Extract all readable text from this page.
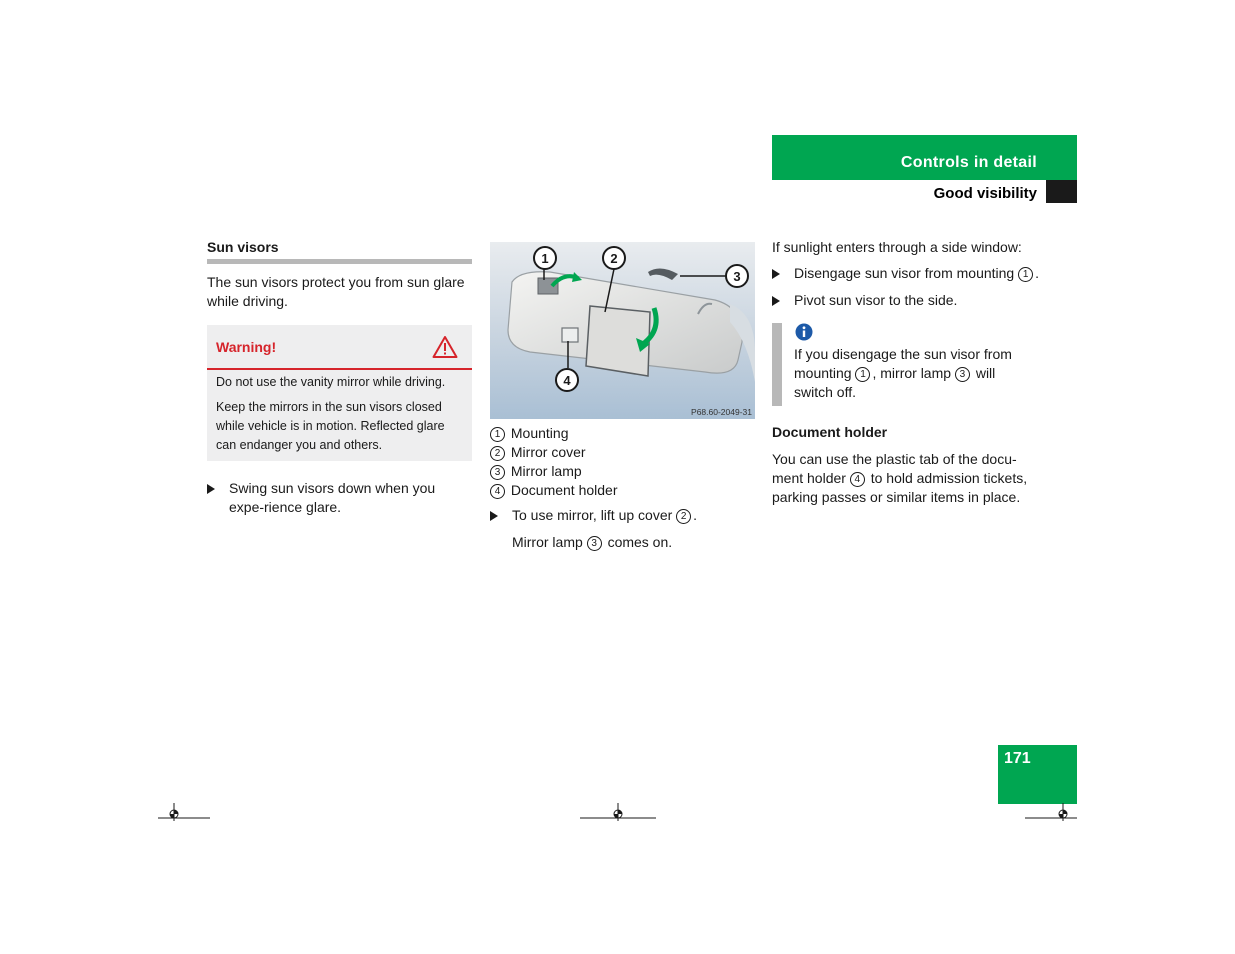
Controls in detail
Good visibility
Sun visors

The sun visors protect you from sun glare while driving.

Warning!
Do not use the vanity mirror while driving.
Keep the mirrors in the sun visors closed while vehicle is in motion. Reflected glare can endanger you and others.

Swing sun visors down when you expe-rience glare.

1	2
3
4
P68.60-2049-31

1 Mounting

2 Mirror cover

3 Mirror lamp

4 Document holder

To use mirror, lift up cover 2 .

Mirror lamp 3 comes on.

If sunlight enters through a side window:

Disengage sun visor from mounting 1 .

Pivot sun visor to the side.

If you disengage the sun visor from mounting 1 , mirror lamp 3 will switch off.

Document holder

You can use the plastic tab of the docu-ment holder 4 to hold admission tickets, parking passes or similar items in place.

171
